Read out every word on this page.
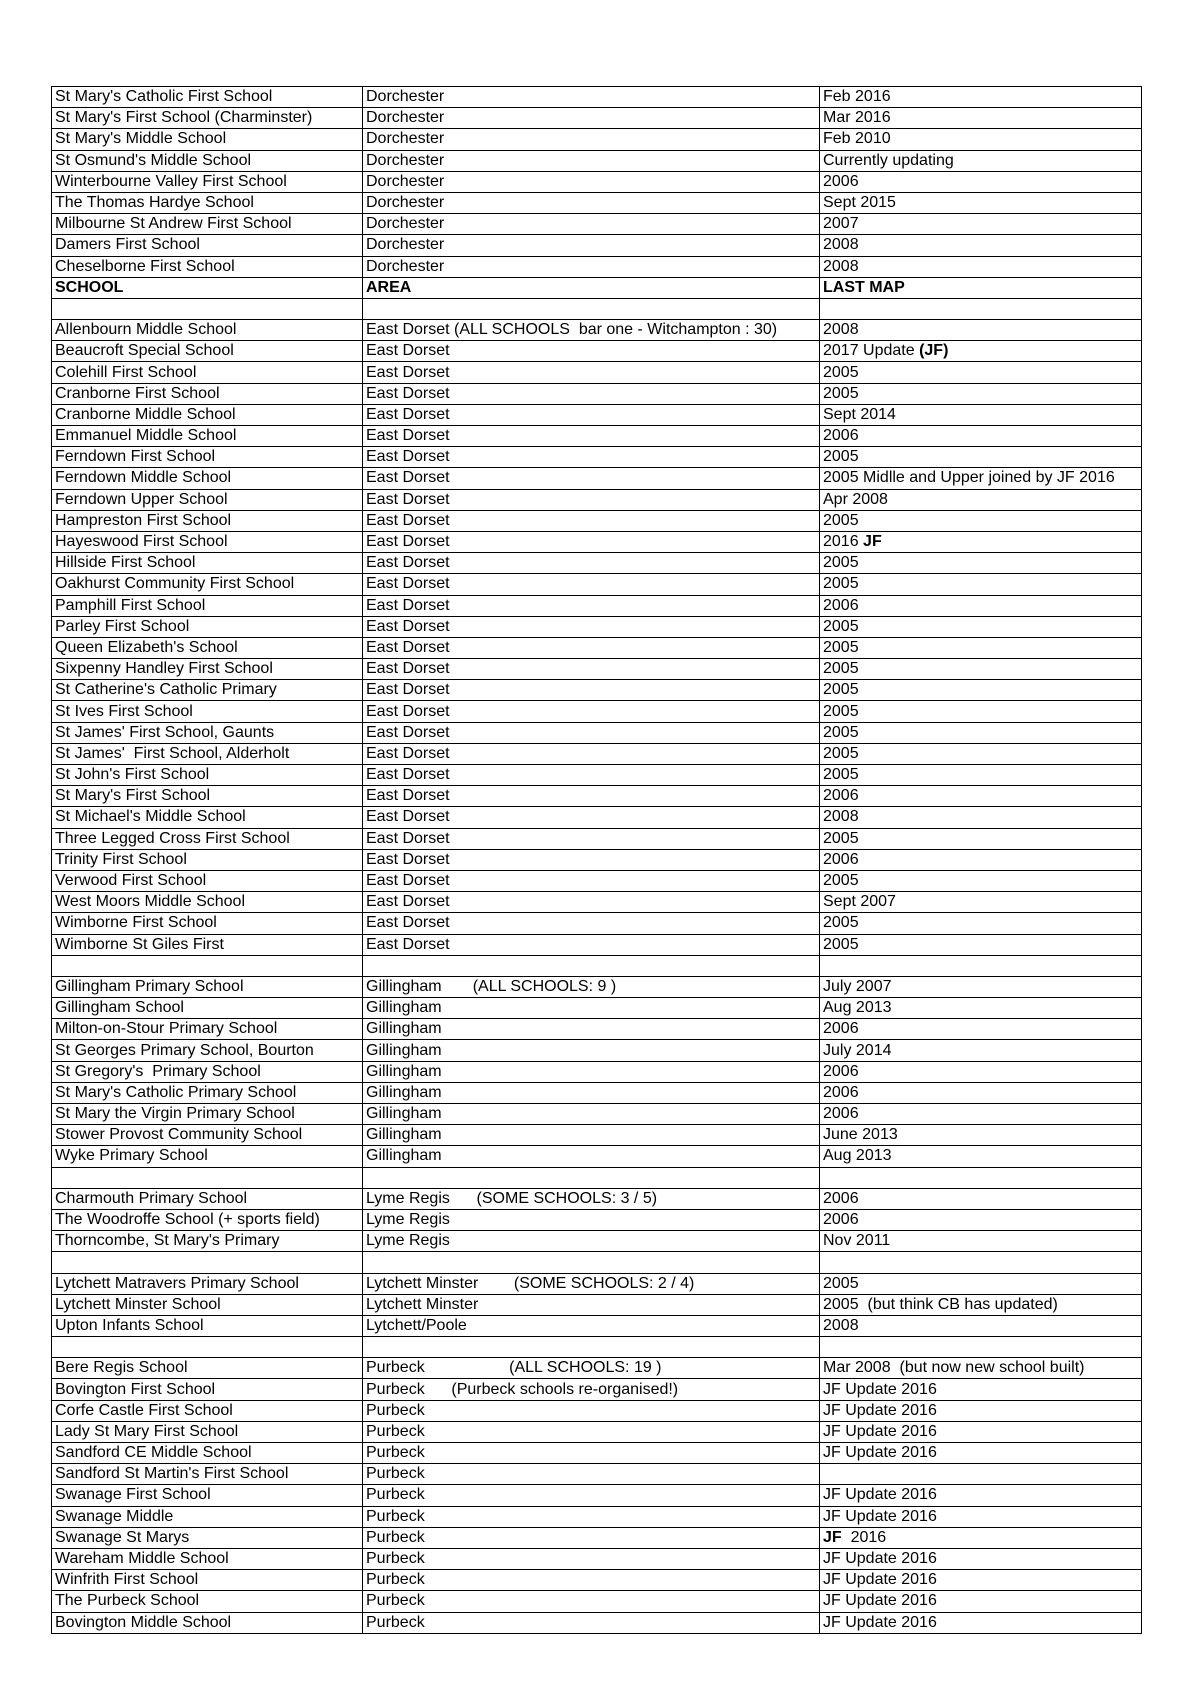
St Mary's Catholic First School	Dorchester	Feb 2016
St Mary's First School (Charminster)	Dorchester	Mar 2016
St Mary's Middle School	Dorchester	Feb 2010
St Osmund's Middle School	Dorchester	Currently updating
Winterbourne Valley First School	Dorchester	2006
The Thomas Hardye School	Dorchester	Sept 2015
Milbourne St Andrew First School	Dorchester	2007
Damers First School	Dorchester	2008
Cheselborne First School	Dorchester	2008
SCHOOL	AREA	LAST MAP

Allenbourn Middle School	East Dorset (ALL SCHOOLS  bar one - Witchampton : 30)	2008
Beaucroft Special School	East Dorset	2017 Update (JF)
Colehill First School	East Dorset	2005
Cranborne First School	East Dorset	2005
Cranborne Middle School	East Dorset	Sept 2014
Emmanuel Middle School	East Dorset	2006
Ferndown First School	East Dorset	2005
Ferndown Middle School	East Dorset	2005 Midlle and Upper joined by JF 2016
Ferndown Upper School	East Dorset	Apr 2008
Hampreston First School	East Dorset	2005
Hayeswood First School	East Dorset	2016 JF
Hillside First School	East Dorset	2005
Oakhurst Community First School	East Dorset	2005
Pamphill First School	East Dorset	2006
Parley First School	East Dorset	2005
Queen Elizabeth's School	East Dorset	2005
Sixpenny Handley First School	East Dorset	2005
St Catherine's Catholic Primary	East Dorset	2005
St Ives First School	East Dorset	2005
St James' First School, Gaunts	East Dorset	2005
St James'  First School, Alderholt	East Dorset	2005
St John's First School	East Dorset	2005
St Mary's First School	East Dorset	2006
St Michael's Middle School	East Dorset	2008
Three Legged Cross First School	East Dorset	2005
Trinity First School	East Dorset	2006
Verwood First School	East Dorset	2005
West Moors Middle School	East Dorset	Sept 2007
Wimborne First School	East Dorset	2005
Wimborne St Giles First	East Dorset	2005

Gillingham Primary School	Gillingham       (ALL SCHOOLS: 9 )	July 2007
Gillingham School	Gillingham	Aug 2013
Milton-on-Stour Primary School	Gillingham	2006
St Georges Primary School, Bourton	Gillingham	July 2014
St Gregory's  Primary School	Gillingham	2006
St Mary's Catholic Primary School	Gillingham	2006
St Mary the Virgin Primary School	Gillingham	2006
Stower Provost Community School	Gillingham	June 2013
Wyke Primary School	Gillingham	Aug 2013

Charmouth Primary School	Lyme Regis      (SOME SCHOOLS: 3 / 5)	2006
The Woodroffe School (+ sports field)	Lyme Regis	2006
Thorncombe, St Mary's Primary	Lyme Regis	Nov 2011

Lytchett Matravers Primary School	Lytchett Minster        (SOME SCHOOLS: 2 / 4)	2005
Lytchett Minster School	Lytchett Minster	2005  (but think CB has updated)
Upton Infants School	Lytchett/Poole	2008

Bere Regis School	Purbeck                   (ALL SCHOOLS: 19 )	Mar 2008  (but now new school built)
Bovington First School	Purbeck      (Purbeck schools re-organised!)	JF Update 2016
Corfe Castle First School	Purbeck	JF Update 2016
Lady St Mary First School	Purbeck	JF Update 2016
Sandford CE Middle School	Purbeck	JF Update 2016
Sandford St Martin's First School	Purbeck	
Swanage First School	Purbeck	JF Update 2016
Swanage Middle	Purbeck	JF Update 2016
Swanage St Marys	Purbeck	JF  2016
Wareham Middle School	Purbeck	JF Update 2016
Winfrith First School	Purbeck	JF Update 2016
The Purbeck School	Purbeck	JF Update 2016
Bovington Middle School	Purbeck	JF Update 2016
